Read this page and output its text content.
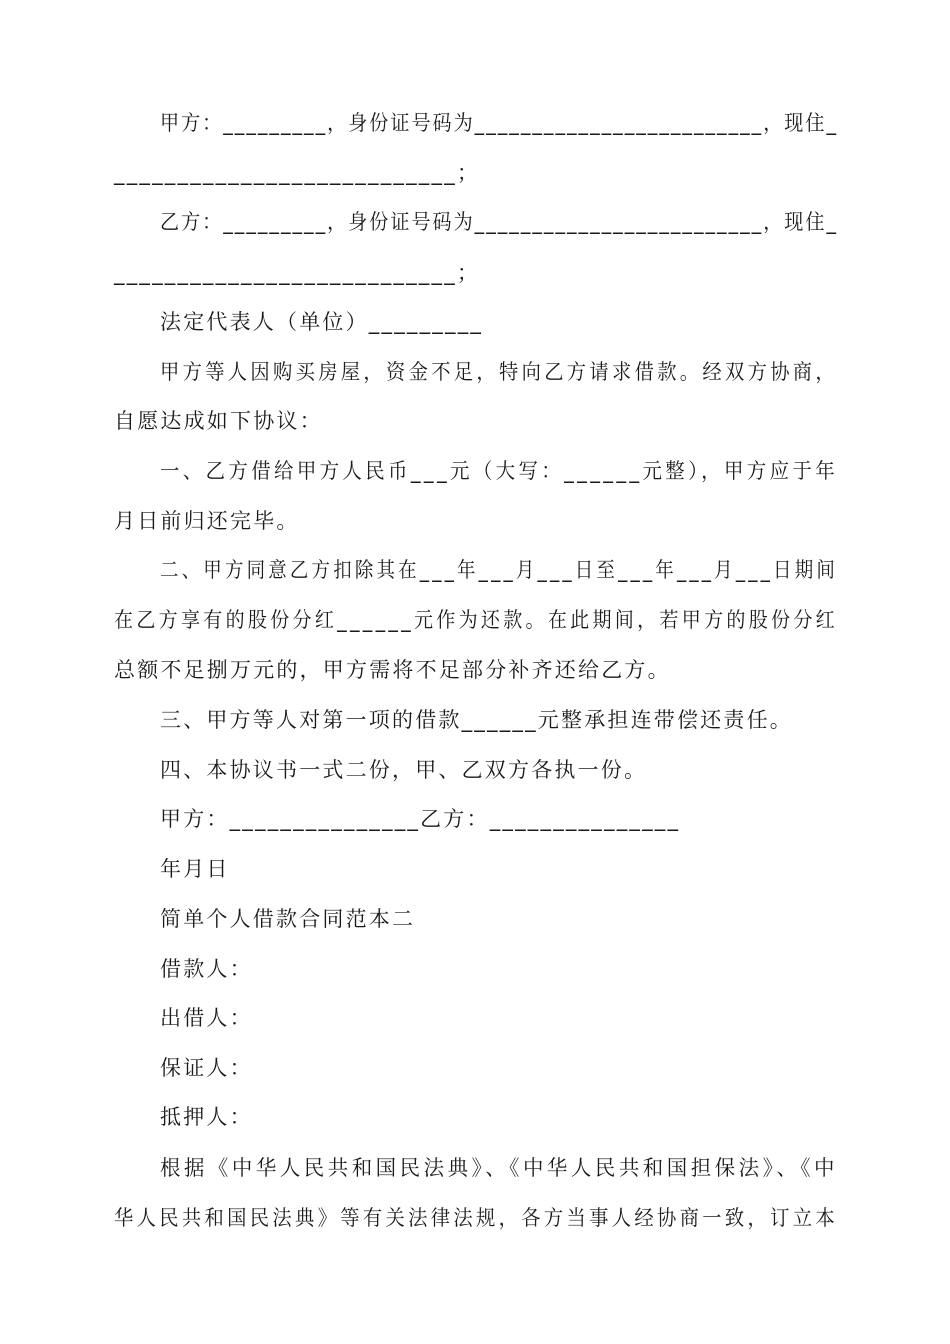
甲方：_________，身份证号码为_________________________，现住_
___________________________；
乙方：_________，身份证号码为_________________________，现住_
___________________________；
法定代表人（单位）_________
甲方等人因购买房屋，资金不足，特向乙方请求借款。经双方协商，
自愿达成如下协议：
一、乙方借给甲方人民币___元（大写：______元整），甲方应于年
月日前归还完毕。
二、甲方同意乙方扣除其在___年___月___日至___年___月___日期间
在乙方享有的股份分红______元作为还款。在此期间，若甲方的股份分红
总额不足捌万元的，甲方需将不足部分补齐还给乙方。
三、甲方等人对第一项的借款______元整承担连带偿还责任。
四、本协议书一式二份，甲、乙双方各执一份。
甲方：_______________乙方：_______________
年月日
简单个人借款合同范本二
借款人：
出借人：
保证人：
抵押人：
根据《中华人民共和国民法典》、《中华人民共和国担保法》、《中
华人民共和国民法典》等有关法律法规，各方当事人经协商一致，订立本
